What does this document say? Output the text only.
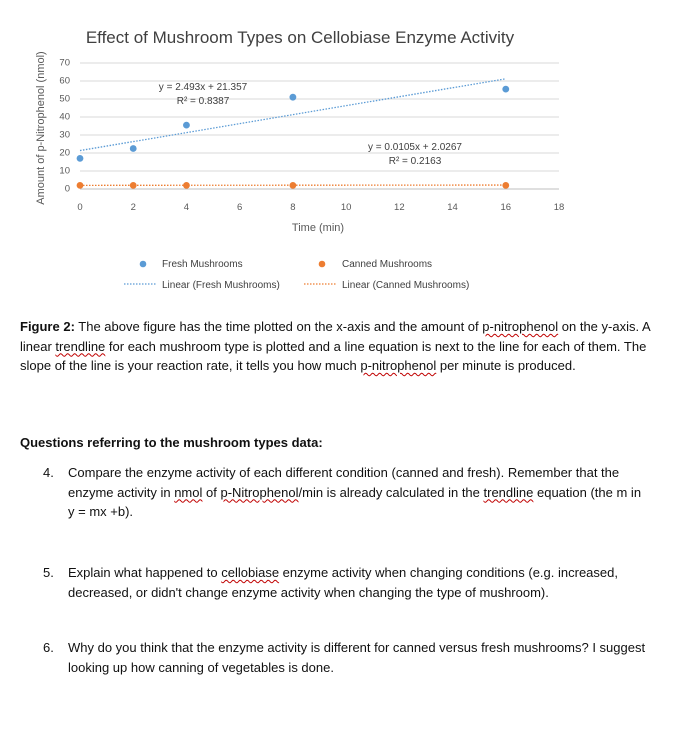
Effect of Mushroom Types on Cellobiase Enzyme Activity
Amount of p-Nitrophenol (nmol)
Time (min)
0
10
20
30
40
50
60
70
0	2	4	6	8	10	12	14	16	18
y = 2.493x + 21.357
R² = 0.8387
y = 0.0105x + 2.0267
R² = 0.2163
Fresh Mushrooms	Canned Mushrooms
Linear (Fresh Mushrooms)	Linear (Canned Mushrooms)
Figure 2: The above figure has the time plotted on the x-axis and the amount of p-nitrophenol on the y-axis. A linear trendline for each mushroom type is plotted and a line equation is next to the line for each of them. The slope of the line is your reaction rate, it tells you how much p-nitrophenol per minute is produced.
Questions referring to the mushroom types data:
4. Compare the enzyme activity of each different condition (canned and fresh). Remember that the enzyme activity in nmol of p-Nitrophenol/min is already calculated in the trendline equation (the m in y = mx +b).
5. Explain what happened to cellobiase enzyme activity when changing conditions (e.g. increased, decreased, or didn't change enzyme activity when changing the type of mushroom).
6. Why do you think that the enzyme activity is different for canned versus fresh mushrooms? I suggest looking up how canning of vegetables is done.
